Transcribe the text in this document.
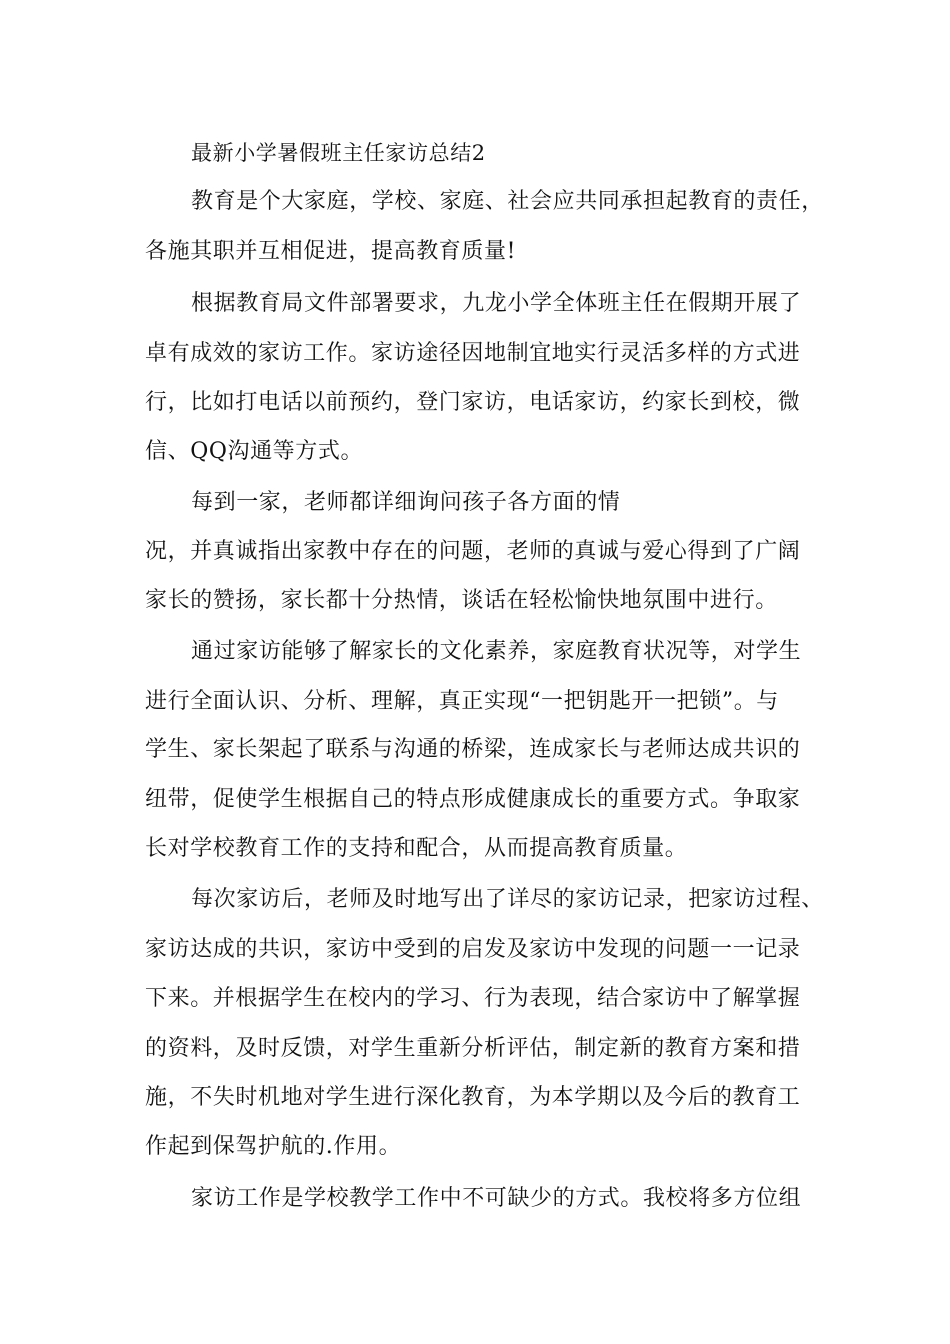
最新小学暑假班主任家访总结2
教育是个大家庭，学校、家庭、社会应共同承担起教育的责任，
各施其职并互相促进，提高教育质量!
根据教育局文件部署要求，九龙小学全体班主任在假期开展了
卓有成效的家访工作。家访途径因地制宜地实行灵活多样的方式进
行，比如打电话以前预约，登门家访，电话家访，约家长到校，微
信、QQ沟通等方式。
每到一家，老师都详细询问孩子各方面的情
况，并真诚指出家教中存在的问题，老师的真诚与爱心得到了广阔
家长的赞扬，家长都十分热情，谈话在轻松愉快地氛围中进行。
通过家访能够了解家长的文化素养，家庭教育状况等，对学生
进行全面认识、分析、理解，真正实现“一把钥匙开一把锁”。与
学生、家长架起了联系与沟通的桥梁，连成家长与老师达成共识的
纽带，促使学生根据自己的特点形成健康成长的重要方式。争取家
长对学校教育工作的支持和配合，从而提高教育质量。
每次家访后，老师及时地写出了详尽的家访记录，把家访过程、
家访达成的共识，家访中受到的启发及家访中发现的问题一一记录
下来。并根据学生在校内的学习、行为表现，结合家访中了解掌握
的资料，及时反馈，对学生重新分析评估，制定新的教育方案和措
施，不失时机地对学生进行深化教育，为本学期以及今后的教育工
作起到保驾护航的.作用。
家访工作是学校教学工作中不可缺少的方式。我校将多方位组
